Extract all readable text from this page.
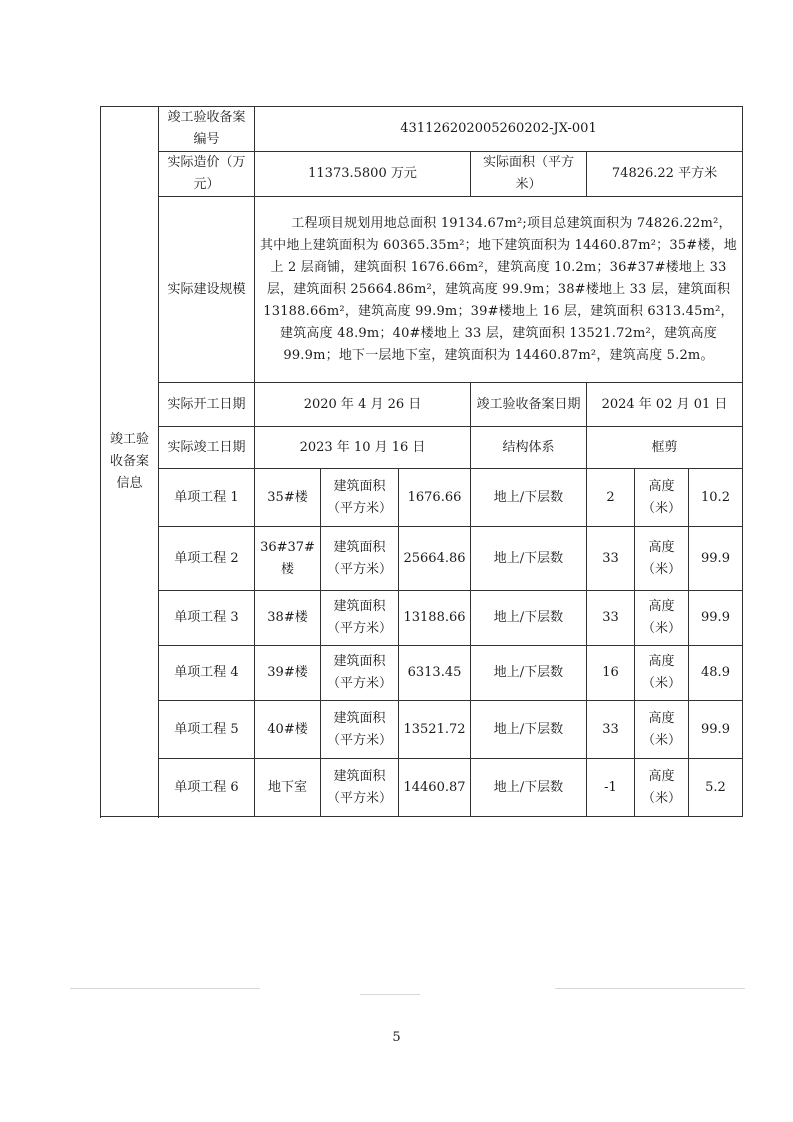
竣工验收备案信息	竣工验收备案编号	431126202005260202-JX-001						
	实际造价（万元）	11373.5800 万元			实际面积（平方米）	74826.22 平方米		
	实际建设规模	工程项目规划用地总面积 19134.67m²;项目总建筑面积为 74826.22m²，其中地上建筑面积为 60365.35m²；地下建筑面积为 14460.87m²；35#楼，地上 2 层商铺，建筑面积 1676.66m²，建筑高度 10.2m；36#37#楼地上 33 层，建筑面积 25664.86m²，建筑高度 99.9m；38#楼地上 33 层，建筑面积 13188.66m²，建筑高度 99.9m；39#楼地上 16 层，建筑面积 6313.45m²，建筑高度 48.9m；40#楼地上 33 层，建筑面积 13521.72m²，建筑高度 99.9m；地下一层地下室，建筑面积为 14460.87m²，建筑高度 5.2m。						
	实际开工日期	2020 年 4 月 26 日			竣工验收备案日期	2024 年 02 月 01 日		
	实际竣工日期	2023 年 10 月 16 日			结构体系	框剪		
	单项工程 1	35#楼	建筑面积（平方米）	1676.66	地上/下层数	2	高度（米）	10.2

	单项工程 2	36#37#楼	建筑面积（平方米）	25664.86	地上/下层数	33	高度（米）	99.9
	单项工程 3	38#楼	建筑面积（平方米）	13188.66	地上/下层数	33	高度（米）	99.9
	单项工程 4	39#楼	建筑面积（平方米）	6313.45	地上/下层数	16	高度（米）	48.9
	单项工程 5	40#楼	建筑面积（平方米）	13521.72	地上/下层数	33	高度（米）	99.9
	单项工程 6	地下室	建筑面积（平方米）	14460.87	地上/下层数	-1	高度（米）	5.2

5
